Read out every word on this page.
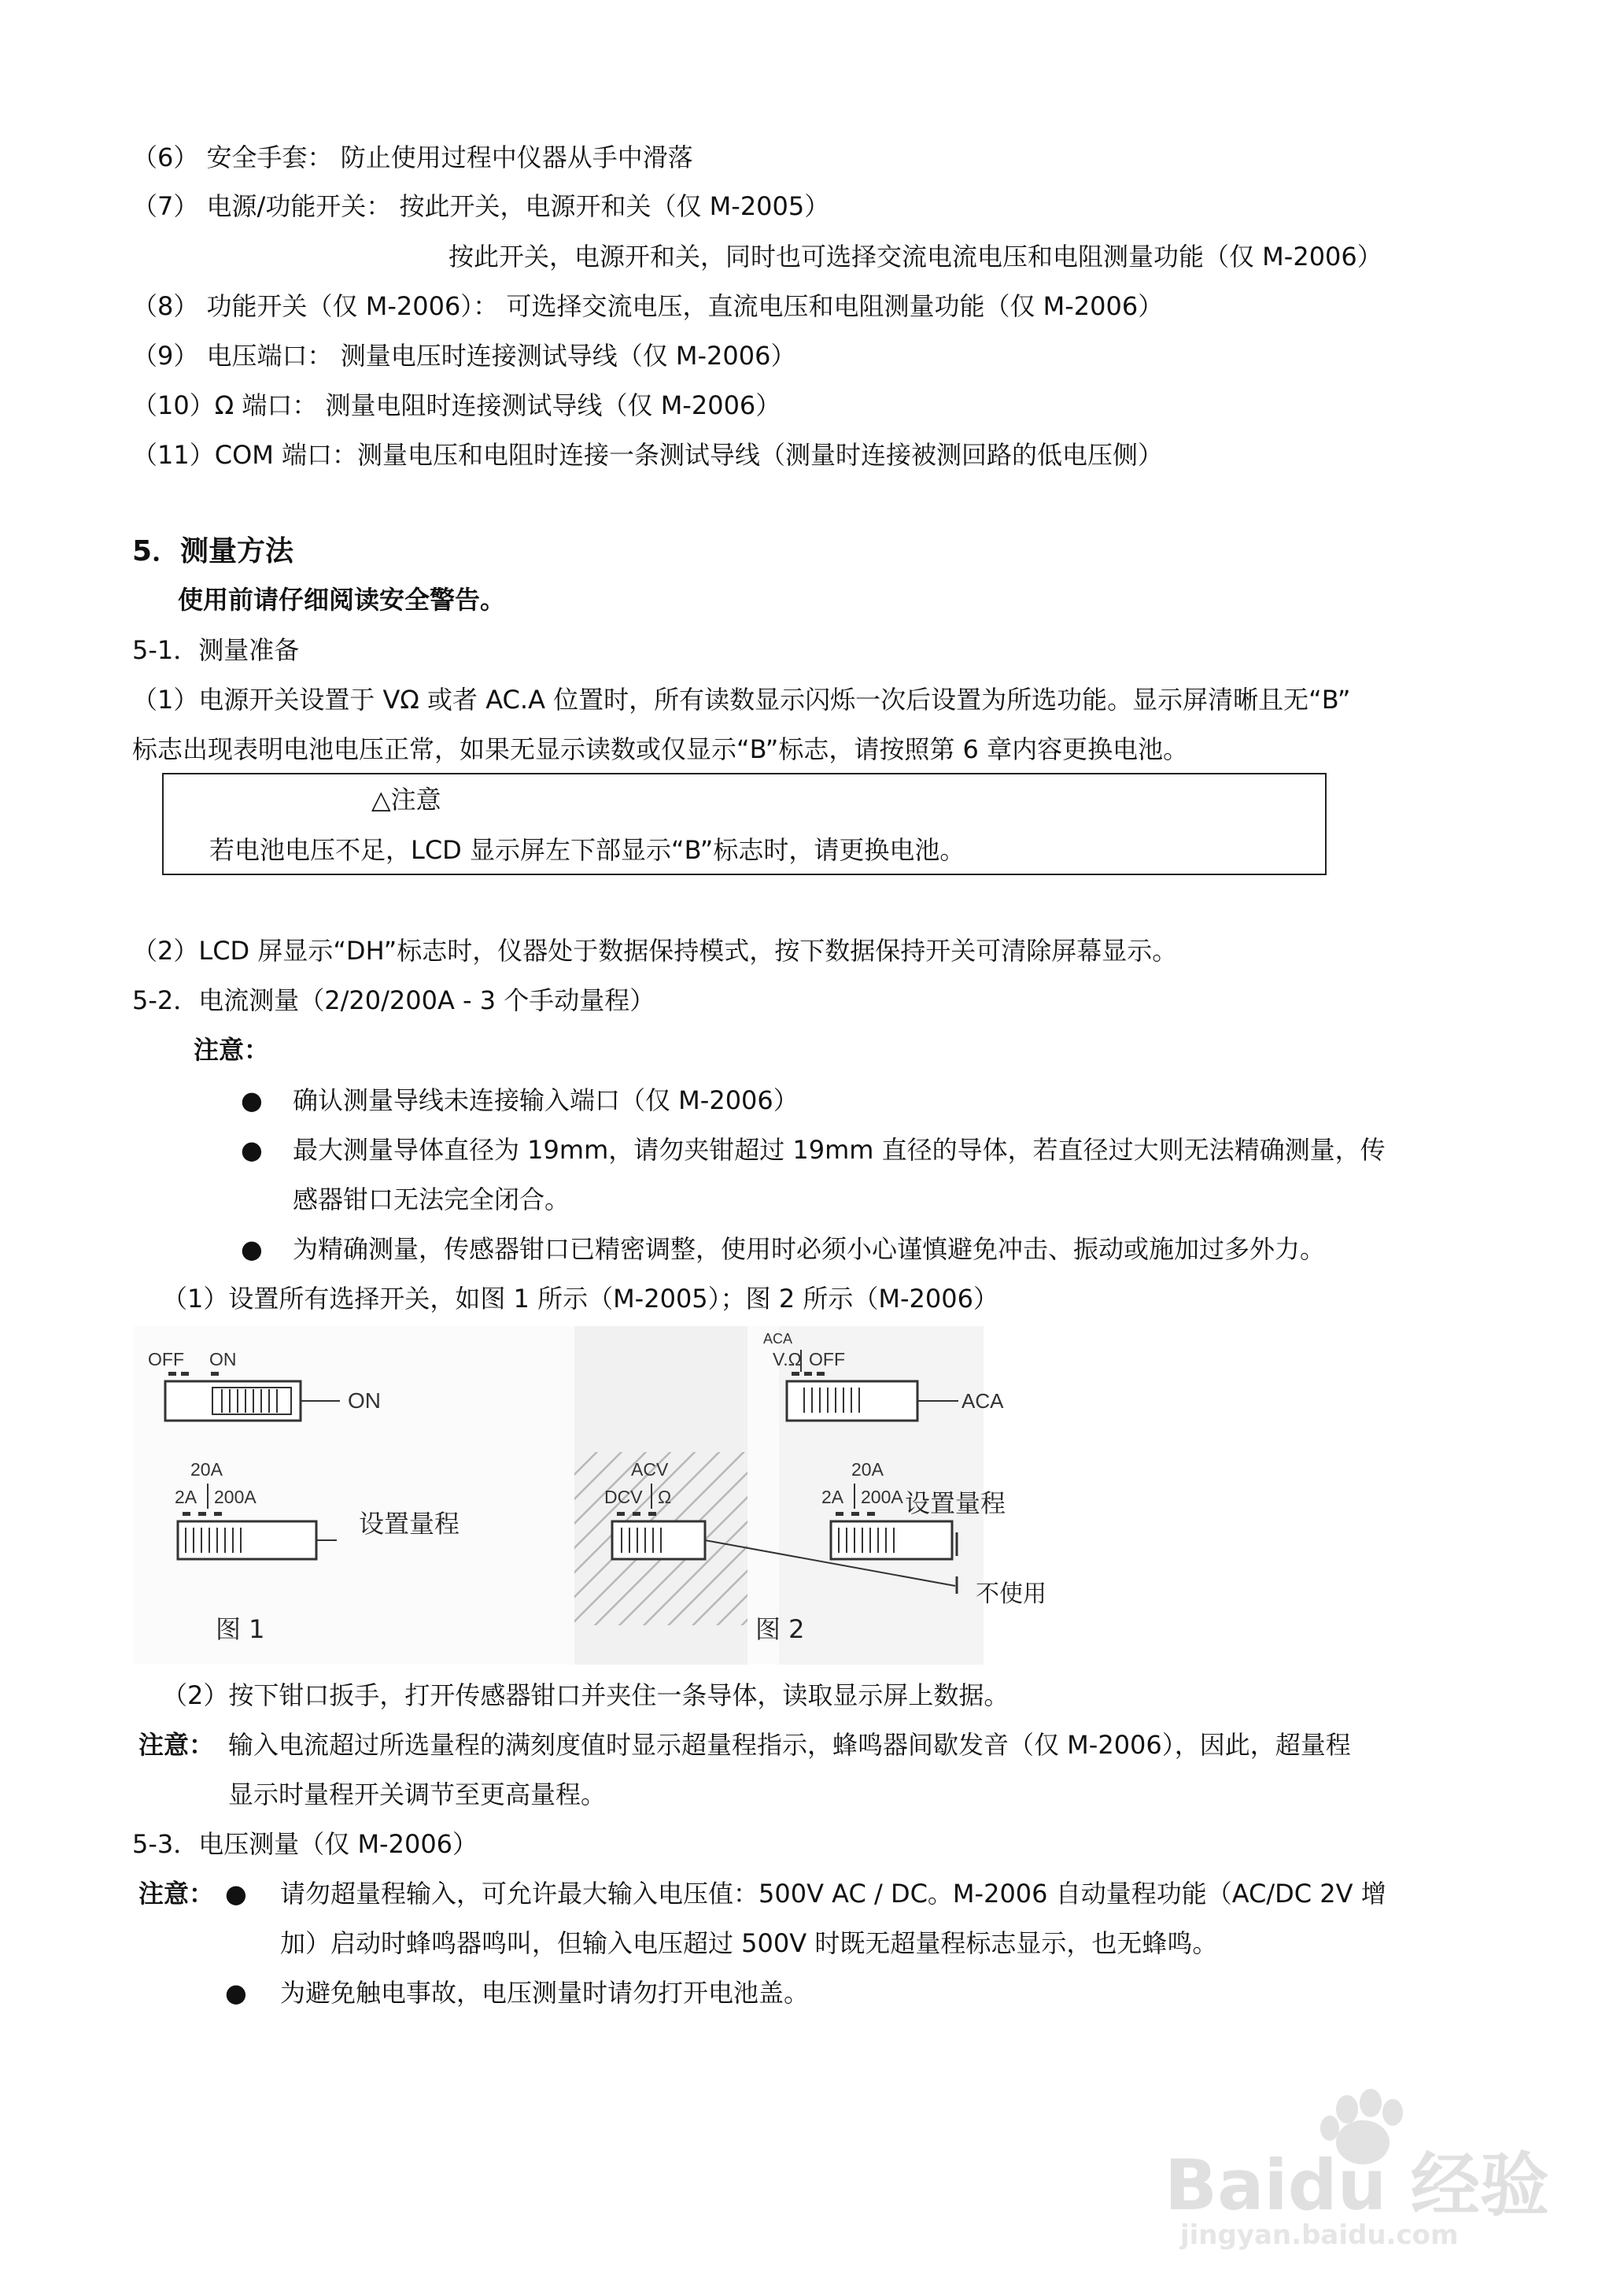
（6） 安全手套： 防止使用过程中仪器从手中滑落
（7） 电源/功能开关： 按此开关，电源开和关（仅 M-2005）
按此开关，电源开和关，同时也可选择交流电流电压和电阻测量功能（仅 M-2006）
（8） 功能开关（仅 M-2006）： 可选择交流电压，直流电压和电阻测量功能（仅 M-2006）
（9） 电压端口： 测量电压时连接测试导线（仅 M-2006）
（10）Ω 端口： 测量电阻时连接测试导线（仅 M-2006）
（11）COM 端口：测量电压和电阻时连接一条测试导线（测量时连接被测回路的低电压侧）
5．测量方法
使用前请仔细阅读安全警告。
5-1．测量准备
（1）电源开关设置于 VΩ 或者 AC.A 位置时，所有读数显示闪烁一次后设置为所选功能。显示屏清晰且无“B”
标志出现表明电池电压正常，如果无显示读数或仅显示“B”标志，请按照第 6 章内容更换电池。
△注意
若电池电压不足，LCD 显示屏左下部显示“B”标志时，请更换电池。
（2）LCD 屏显示“DH”标志时，仪器处于数据保持模式，按下数据保持开关可清除屏幕显示。
5-2．电流测量（2/20/200A - 3 个手动量程）
注意：
● 确认测量导线未连接输入端口（仅 M-2006）
● 最大测量导体直径为 19mm，请勿夹钳超过 19mm 直径的导体，若直径过大则无法精确测量，传
感器钳口无法完全闭合。
● 为精确测量，传感器钳口已精密调整，使用时必须小心谨慎避免冲击、振动或施加过多外力。
（1）设置所有选择开关，如图 1 所示（M-2005）；图 2 所示（M-2006）
OFF ON
ON
20A
2A 200A
设置量程
图 1
ACA
V.Ω OFF
ACA
ACV
DCV Ω
20A
2A 200A 设置量程
不使用
图 2
（2）按下钳口扳手，打开传感器钳口并夹住一条导体，读取显示屏上数据。
注意： 输入电流超过所选量程的满刻度值时显示超量程指示，蜂鸣器间歇发音（仅 M-2006），因此，超量程
显示时量程开关调节至更高量程。
5-3．电压测量（仅 M-2006）
注意： ● 请勿超量程输入，可允许最大输入电压值：500V AC / DC。M-2006 自动量程功能（AC/DC 2V 增
加）启动时蜂鸣器鸣叫，但输入电压超过 500V 时既无超量程标志显示，也无蜂鸣。
● 为避免触电事故，电压测量时请勿打开电池盖。
Baidu 经验
jingyan.baidu.com
